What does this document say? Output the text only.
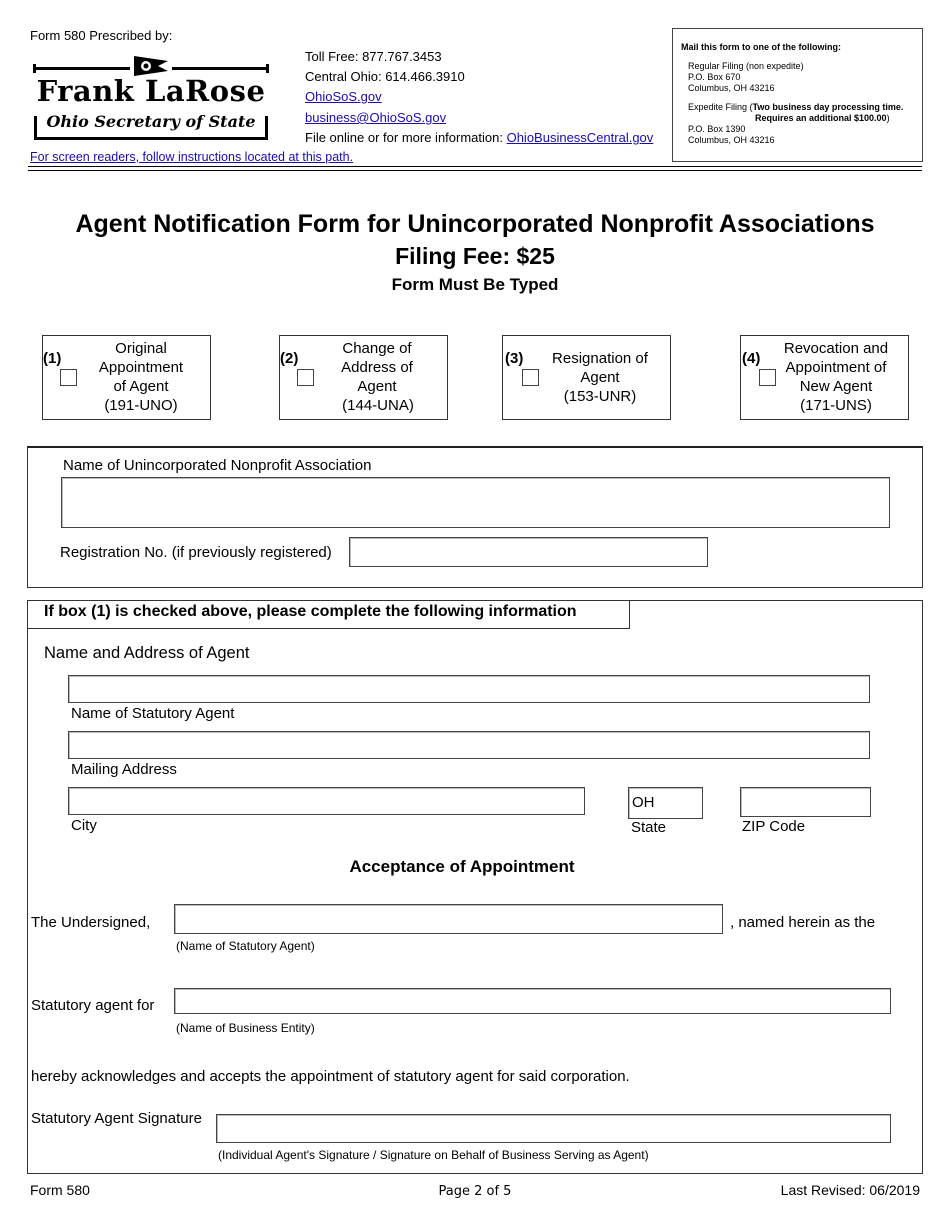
Form 580 Prescribed by:
Frank LaRose
Ohio Secretary of State
For screen readers, follow instructions located at this path.
Toll Free: 877.767.3453
Central Ohio: 614.466.3910
OhioSoS.gov
business@OhioSoS.gov
File online or for more information: OhioBusinessCentral.gov
Mail this form to one of the following:
Regular Filing (non expedite)
P.O. Box 670
Columbus, OH 43216
Expedite Filing (Two business day processing time.
Requires an additional $100.00)
P.O. Box 1390
Columbus, OH 43216
Agent Notification Form for Unincorporated Nonprofit Associations
Filing Fee: $25
Form Must Be Typed
(1)
Original Appointment of Agent
(191-UNO)
(2)
Change of Address of Agent
(144-UNA)
(3)	Resignation of Agent
(153-UNR)
(4)
Revocation and Appointment of New Agent
(171-UNS)
Name of Unincorporated Nonprofit Association
Registration No. (if previously registered)
If box (1) is checked above, please complete the following information
Name and Address of Agent
Name of Statutory Agent
Mailing Address
City
OH
State	ZIP Code
Acceptance of Appointment
The Undersigned,	, named herein as the
(Name of Statutory Agent)
Statutory agent for
(Name of Business Entity)
hereby acknowledges and accepts the appointment of statutory agent for said corporation.
Statutory Agent Signature
(Individual Agent's Signature / Signature on Behalf of Business Serving as Agent)
Form 580	Page 2 of 5	Last Revised: 06/2019
